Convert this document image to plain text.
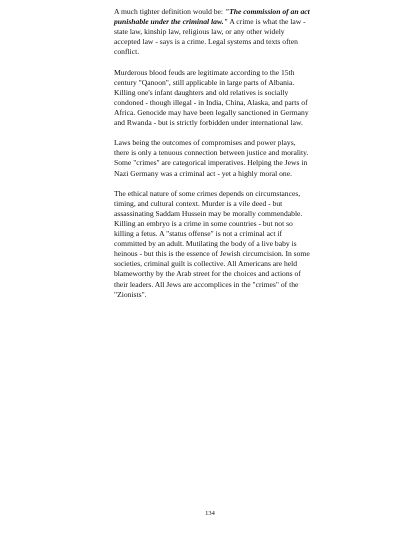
A much tighter definition would be: "The commission of an act punishable under the criminal law." A crime is what the law - state law, kinship law, religious law, or any other widely accepted law - says is a crime. Legal systems and texts often conflict.

Murderous blood feuds are legitimate according to the 15th century "Qanoon", still applicable in large parts of Albania. Killing one's infant daughters and old relatives is socially condoned - though illegal - in India, China, Alaska, and parts of Africa. Genocide may have been legally sanctioned in Germany and Rwanda - but is strictly forbidden under international law.

Laws being the outcomes of compromises and power plays, there is only a tenuous connection between justice and morality. Some "crimes" are categorical imperatives. Helping the Jews in Nazi Germany was a criminal act - yet a highly moral one.

The ethical nature of some crimes depends on circumstances, timing, and cultural context. Murder is a vile deed - but assassinating Saddam Hussein may be morally commendable. Killing an embryo is a crime in some countries - but not so killing a fetus. A "status offense" is not a criminal act if committed by an adult. Mutilating the body of a live baby is heinous - but this is the essence of Jewish circumcision. In some societies, criminal guilt is collective. All Americans are held blameworthy by the Arab street for the choices and actions of their leaders. All Jews are accomplices in the "crimes" of the "Zionists".

134
